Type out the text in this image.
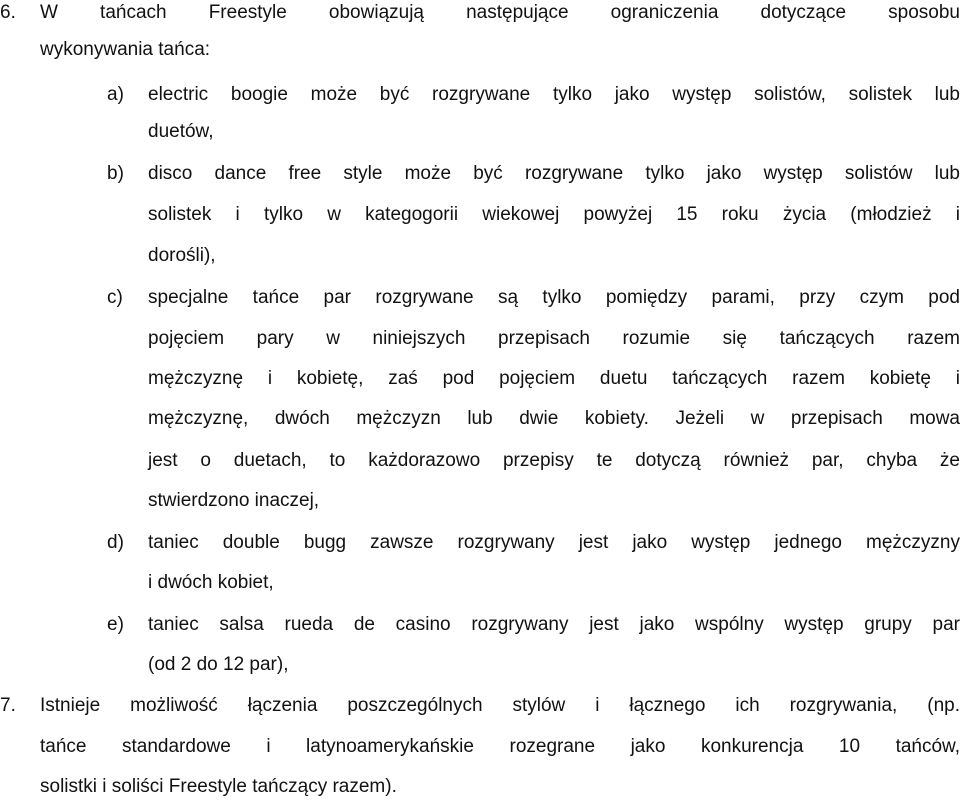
6. W tańcach Freestyle obowiązują następujące ograniczenia dotyczące sposobu
wykonywania tańca:
a) electric boogie może być rozgrywane tylko jako występ solistów, solistek lub
duetów,
b) disco dance free style może być rozgrywane tylko jako występ solistów lub
solistek i tylko w kategogorii wiekowej powyżej 15 roku życia (młodzież i
dorośli),
c) specjalne tańce par rozgrywane są tylko pomiędzy parami, przy czym pod
pojęciem pary w niniejszych przepisach rozumie się tańczących razem
mężczyznę i kobietę, zaś pod pojęciem duetu tańczących razem kobietę i
mężczyznę, dwóch mężczyzn lub dwie kobiety. Jeżeli w przepisach mowa
jest o duetach, to każdorazowo przepisy te dotyczą również par, chyba że
stwierdzono inaczej,
d) taniec double bugg zawsze rozgrywany jest jako występ jednego mężczyzny
i dwóch kobiet,
e) taniec salsa rueda de casino rozgrywany jest jako wspólny występ grupy par
(od 2 do 12 par),
7. Istnieje możliwość łączenia poszczególnych stylów i łącznego ich rozgrywania, (np.
tańce standardowe i latynoamerykańskie rozegrane jako konkurencja 10 tańców,
solistki i soliści Freestyle tańczący razem).
